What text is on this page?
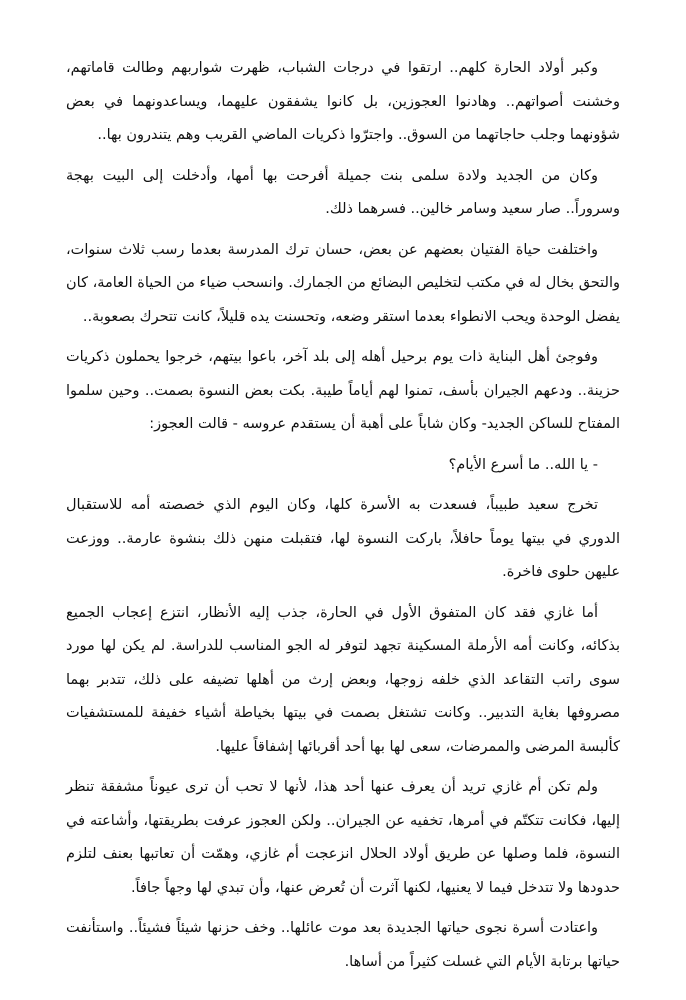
وكبر أولاد الحارة كلهم.. ارتقوا في درجات الشباب، ظهرت شواربهم وطالت قاماتهم، وخشنت أصواتهم.. وهادنوا العجوزين، بل كانوا يشفقون عليهما، ويساعدونهما في بعض شؤونهما وجلب حاجاتهما من السوق.. واجترّوا ذكريات الماضي القريب وهم يتندرون بها..

وكان من الجديد ولادة سلمى بنت جميلة أفرحت بها أمها، وأدخلت إلى البيت بهجة وسروراً.. صار سعيد وسامر خالين.. فسرهما ذلك.

واختلفت حياة الفتيان بعضهم عن بعض، حسان ترك المدرسة بعدما رسب ثلاث سنوات، والتحق بخال له في مكتب لتخليص البضائع من الجمارك. وانسحب ضياء من الحياة العامة، كان يفضل الوحدة ويحب الانطواء بعدما استقر وضعه، وتحسنت يده قليلاً، كانت تتحرك بصعوبة..

وفوجئ أهل البناية ذات يوم برحيل أهله إلى بلد آخر، باعوا بيتهم، خرجوا يحملون ذكريات حزينة.. ودعهم الجيران بأسف، تمنوا لهم أياماً طيبة. بكت بعض النسوة بصمت.. وحين سلموا المفتاح للساكن الجديد- وكان شاباً على أهبة أن يستقدم عروسه - قالت العجوز:

- يا الله.. ما أسرع الأيام؟

تخرج سعيد طبيباً، فسعدت به الأسرة كلها، وكان اليوم الذي خصصته أمه للاستقبال الدوري في بيتها يوماً حافلاً، باركت النسوة لها، فتقبلت منهن ذلك بنشوة عارمة.. ووزعت عليهن حلوى فاخرة.

أما غازي فقد كان المتفوق الأول في الحارة، جذب إليه الأنظار، انتزع إعجاب الجميع بذكائه، وكانت أمه الأرملة المسكينة تجهد لتوفر له الجو المناسب للدراسة. لم يكن لها مورد سوى راتب التقاعد الذي خلفه زوجها، وبعض إرث من أهلها تضيفه على ذلك، تتدبر بهما مصروفها بغاية التدبير.. وكانت تشتغل بصمت في بيتها بخياطة أشياء خفيفة للمستشفيات كألبسة المرضى والممرضات، سعى لها بها أحد أقربائها إشفاقاً عليها.

ولم تكن أم غازي تريد أن يعرف عنها أحد هذا، لأنها لا تحب أن ترى عيوناً مشفقة تنظر إليها، فكانت تتكتّم في أمرها، تخفيه عن الجيران.. ولكن العجوز عرفت بطريقتها، وأشاعته في النسوة، فلما وصلها عن طريق أولاد الحلال انزعجت أم غازي، وهمّت أن تعاتبها بعنف لتلزم حدودها ولا تتدخل فيما لا يعنيها، لكنها آثرت أن تُعرض عنها، وأن تبدي لها وجهاً جافاً.

واعتادت أسرة نجوى حياتها الجديدة بعد موت عائلها.. وخف حزنها شيئاً فشيئاً.. واستأنفت حياتها برتابة الأيام التي غسلت كثيراً من أساها.
